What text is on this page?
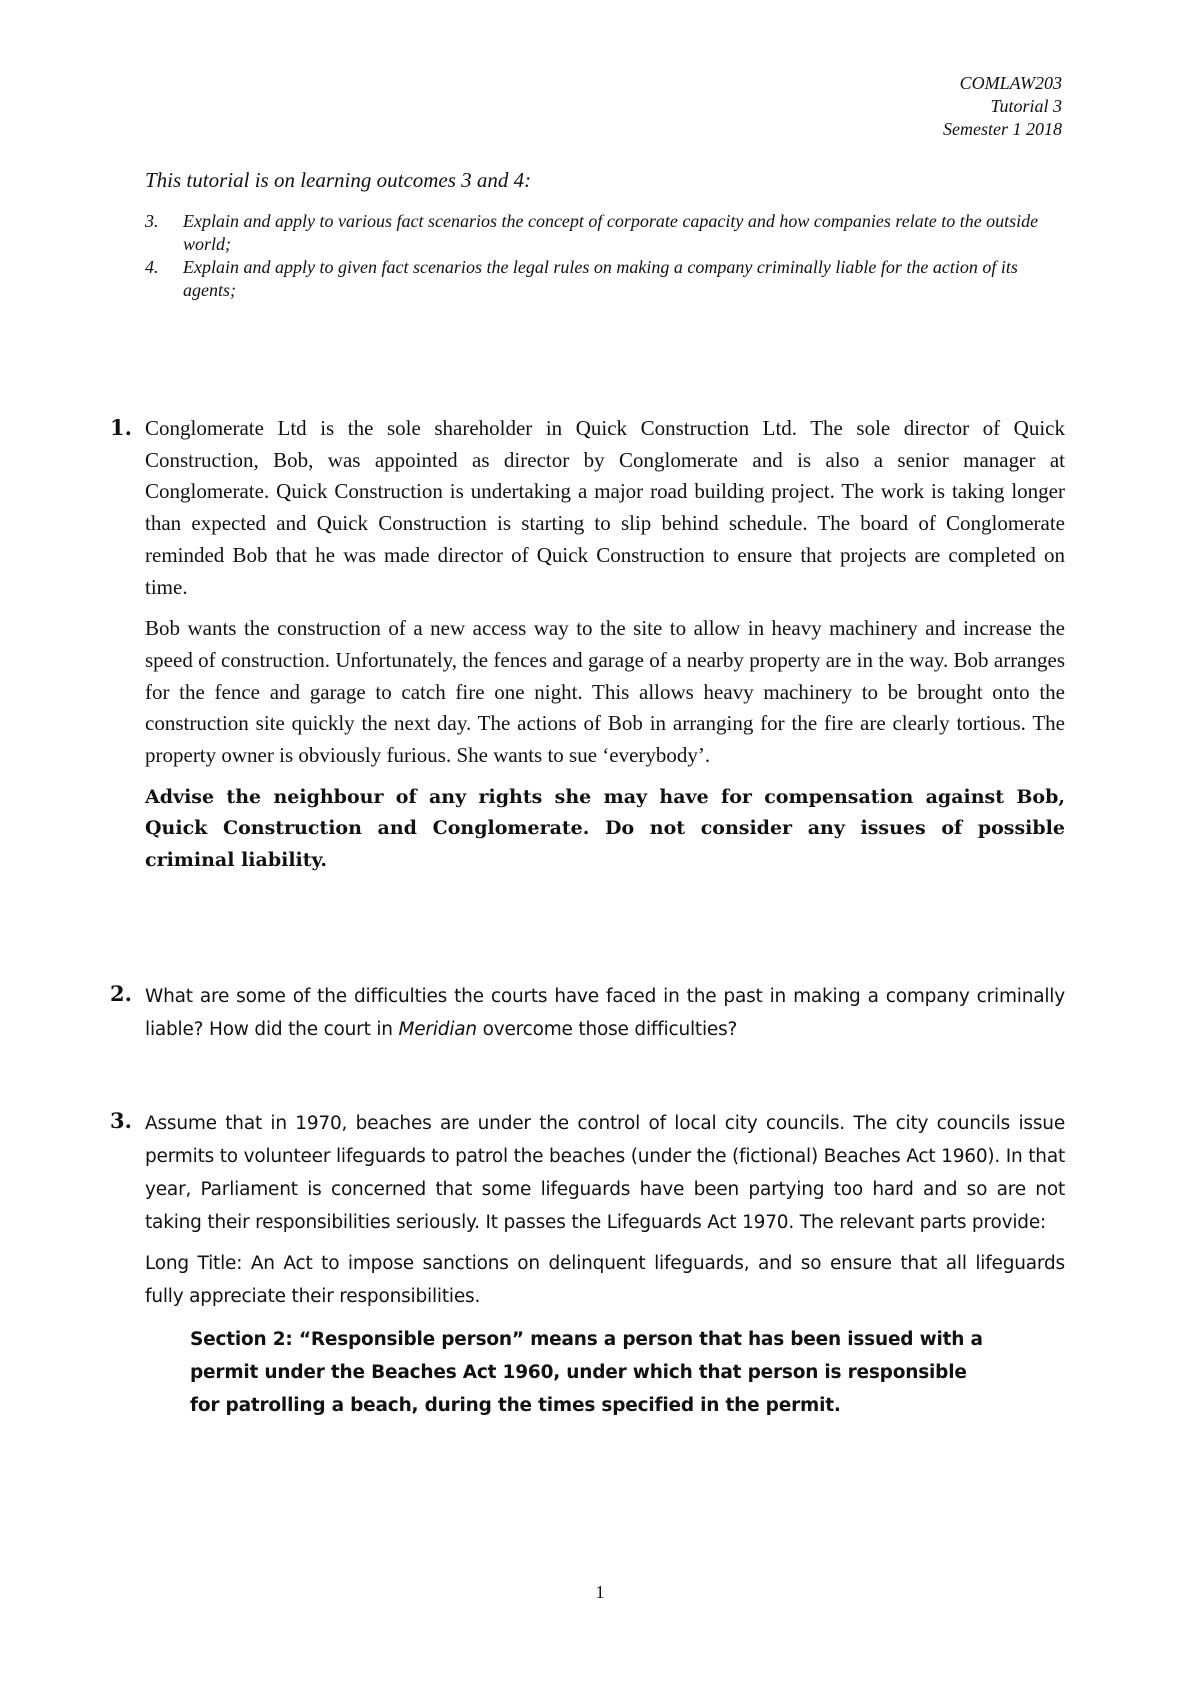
COMLAW203
Tutorial 3
Semester 1 2018
This tutorial is on learning outcomes 3 and 4:
3. Explain and apply to various fact scenarios the concept of corporate capacity and how companies relate to the outside world;
4. Explain and apply to given fact scenarios the legal rules on making a company criminally liable for the action of its agents;
1. Conglomerate Ltd is the sole shareholder in Quick Construction Ltd. The sole director of Quick Construction, Bob, was appointed as director by Conglomerate and is also a senior manager at Conglomerate. Quick Construction is undertaking a major road building project. The work is taking longer than expected and Quick Construction is starting to slip behind schedule. The board of Conglomerate reminded Bob that he was made director of Quick Construction to ensure that projects are completed on time.

Bob wants the construction of a new access way to the site to allow in heavy machinery and increase the speed of construction. Unfortunately, the fences and garage of a nearby property are in the way. Bob arranges for the fence and garage to catch fire one night. This allows heavy machinery to be brought onto the construction site quickly the next day. The actions of Bob in arranging for the fire are clearly tortious. The property owner is obviously furious. She wants to sue ‘everybody’.

Advise the neighbour of any rights she may have for compensation against Bob, Quick Construction and Conglomerate. Do not consider any issues of possible criminal liability.

2. What are some of the difficulties the courts have faced in the past in making a company criminally liable? How did the court in Meridian overcome those difficulties?

3. Assume that in 1970, beaches are under the control of local city councils. The city councils issue permits to volunteer lifeguards to patrol the beaches (under the (fictional) Beaches Act 1960). In that year, Parliament is concerned that some lifeguards have been partying too hard and so are not taking their responsibilities seriously. It passes the Lifeguards Act 1970. The relevant parts provide:

Long Title: An Act to impose sanctions on delinquent lifeguards, and so ensure that all lifeguards fully appreciate their responsibilities.

Section 2: “Responsible person” means a person that has been issued with a permit under the Beaches Act 1960, under which that person is responsible for patrolling a beach, during the times specified in the permit.

1
